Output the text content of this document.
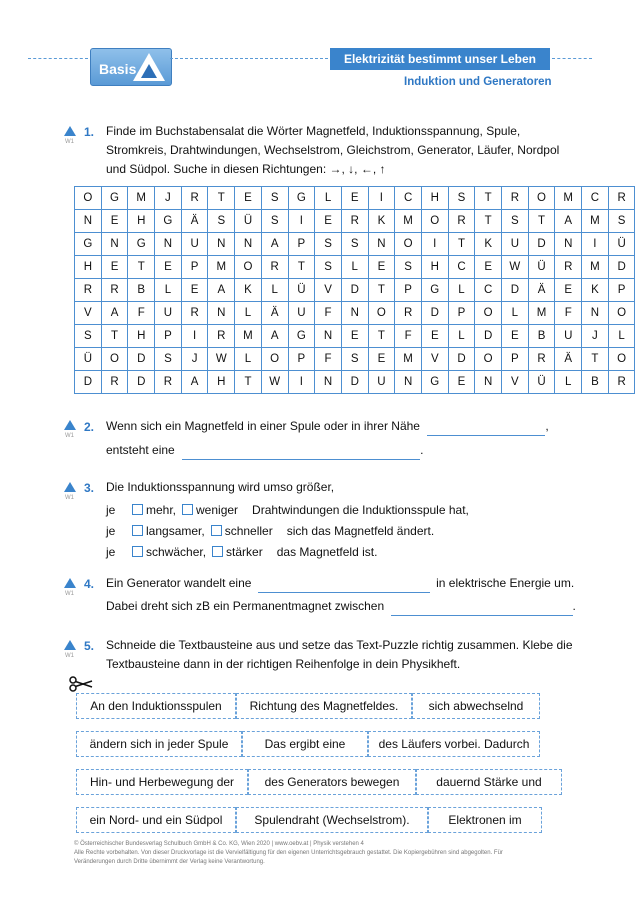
Basis
Elektrizität bestimmt unser Leben
Induktion und Generatoren
W1
1. Finde im Buchstabensalat die Wörter Magnetfeld, Induktionsspannung, Spule,
Stromkreis, Drahtwindungen, Wechselstrom, Gleichstrom, Generator, Läufer, Nordpol
und Südpol. Suche in diesen Richtungen: →, ↓, ←, ↑
O	G	M	J	R	T	E	S	G	L	E	I	C	H	S	T	R	O	M	C	R
N	E	H	G	Ä	S	Ü	S	I	E	R	K	M	O	R	T	S	T	A	M	S
G	N	G	N	U	N	N	A	P	S	S	N	O	I	T	K	U	D	N	I	Ü
H	E	T	E	P	M	O	R	T	S	L	E	S	H	C	E	W	Ü	R	M	D
R	R	B	L	E	A	K	L	Ü	V	D	T	P	G	L	C	D	Ä	E	K	P
V	A	F	U	R	N	L	Ä	U	F	N	O	R	D	P	O	L	M	F	N	O
S	T	H	P	I	R	M	A	G	N	E	T	F	E	L	D	E	B	U	J	L
Ü	O	D	S	J	W	L	O	P	F	S	E	M	V	D	O	P	R	Ä	T	O
D	R	D	R	A	H	T	W	I	N	D	U	N	G	E	N	V	Ü	L	B	R
W1
2. Wenn sich ein Magnetfeld in einer Spule oder in ihrer Nähe	,
entsteht eine	.
W1
3. Die Induktionsspannung wird umso größer,
je	mehr, weniger Drahtwindungen die Induktionsspule hat,
je	langsamer, schneller sich das Magnetfeld ändert.
je	schwächer, stärker das Magnetfeld ist.
W1
4. Ein Generator wandelt eine	in elektrische Energie um.
Dabei dreht sich zB ein Permanentmagnet zwischen	.
W1
5. Schneide die Textbausteine aus und setze das Text-Puzzle richtig zusammen. Klebe die
Textbausteine dann in der richtigen Reihenfolge in dein Physikheft.
An den Induktionsspulen	Richtung des Magnetfeldes.	sich abwechselnd
ändern sich in jeder Spule	Das ergibt eine	des Läufers vorbei. Dadurch
Hin- und Herbewegung der	des Generators bewegen	dauernd Stärke und
ein Nord- und ein Südpol	Spulendraht (Wechselstrom).	Elektronen im
© Österreichischer Bundesverlag Schulbuch GmbH & Co. KG, Wien 2020 | www.oebv.at | Physik verstehen 4
Alle Rechte vorbehalten. Von dieser Druckvorlage ist die Vervielfältigung für den eigenen Unterrichtsgebrauch gestattet. Die Kopiergebühren sind abgegolten. Für
Veränderungen durch Dritte übernimmt der Verlag keine Verantwortung.
